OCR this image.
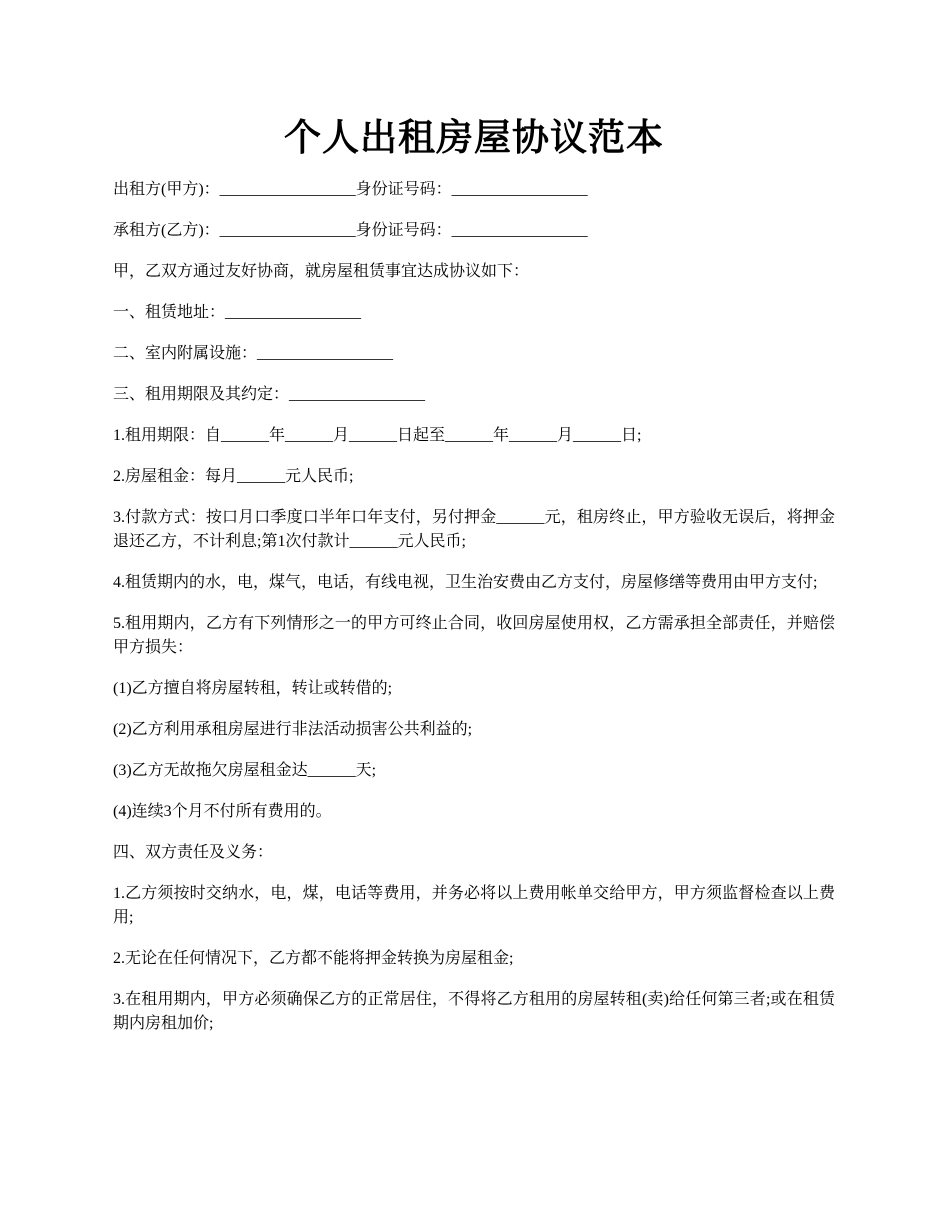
个人出租房屋协议范本

出租方(甲方)：_________________身份证号码：_________________

承租方(乙方)：_________________身份证号码：_________________

甲，乙双方通过友好协商，就房屋租赁事宜达成协议如下：

一、租赁地址：_________________

二、室内附属设施：_________________

三、租用期限及其约定：_________________

1.租用期限：自______年______月______日起至______年______月______日;

2.房屋租金：每月______元人民币;

3.付款方式：按口月口季度口半年口年支付，另付押金______元，租房终止，甲方验收无误后，将押金退还乙方，不计利息;第1次付款计______元人民币;

4.租赁期内的水，电，煤气，电话，有线电视，卫生治安费由乙方支付，房屋修缮等费用由甲方支付;

5.租用期内，乙方有下列情形之一的甲方可终止合同，收回房屋使用权，乙方需承担全部责任，并赔偿甲方损失：

(1)乙方擅自将房屋转租，转让或转借的;

(2)乙方利用承租房屋进行非法活动损害公共利益的;

(3)乙方无故拖欠房屋租金达______天;

(4)连续3个月不付所有费用的。

四、双方责任及义务：

1.乙方须按时交纳水，电，煤，电话等费用，并务必将以上费用帐单交给甲方，甲方须监督检查以上费用;

2.无论在任何情况下，乙方都不能将押金转换为房屋租金;

3.在租用期内，甲方必须确保乙方的正常居住，不得将乙方租用的房屋转租(卖)给任何第三者;或在租赁期内房租加价;
